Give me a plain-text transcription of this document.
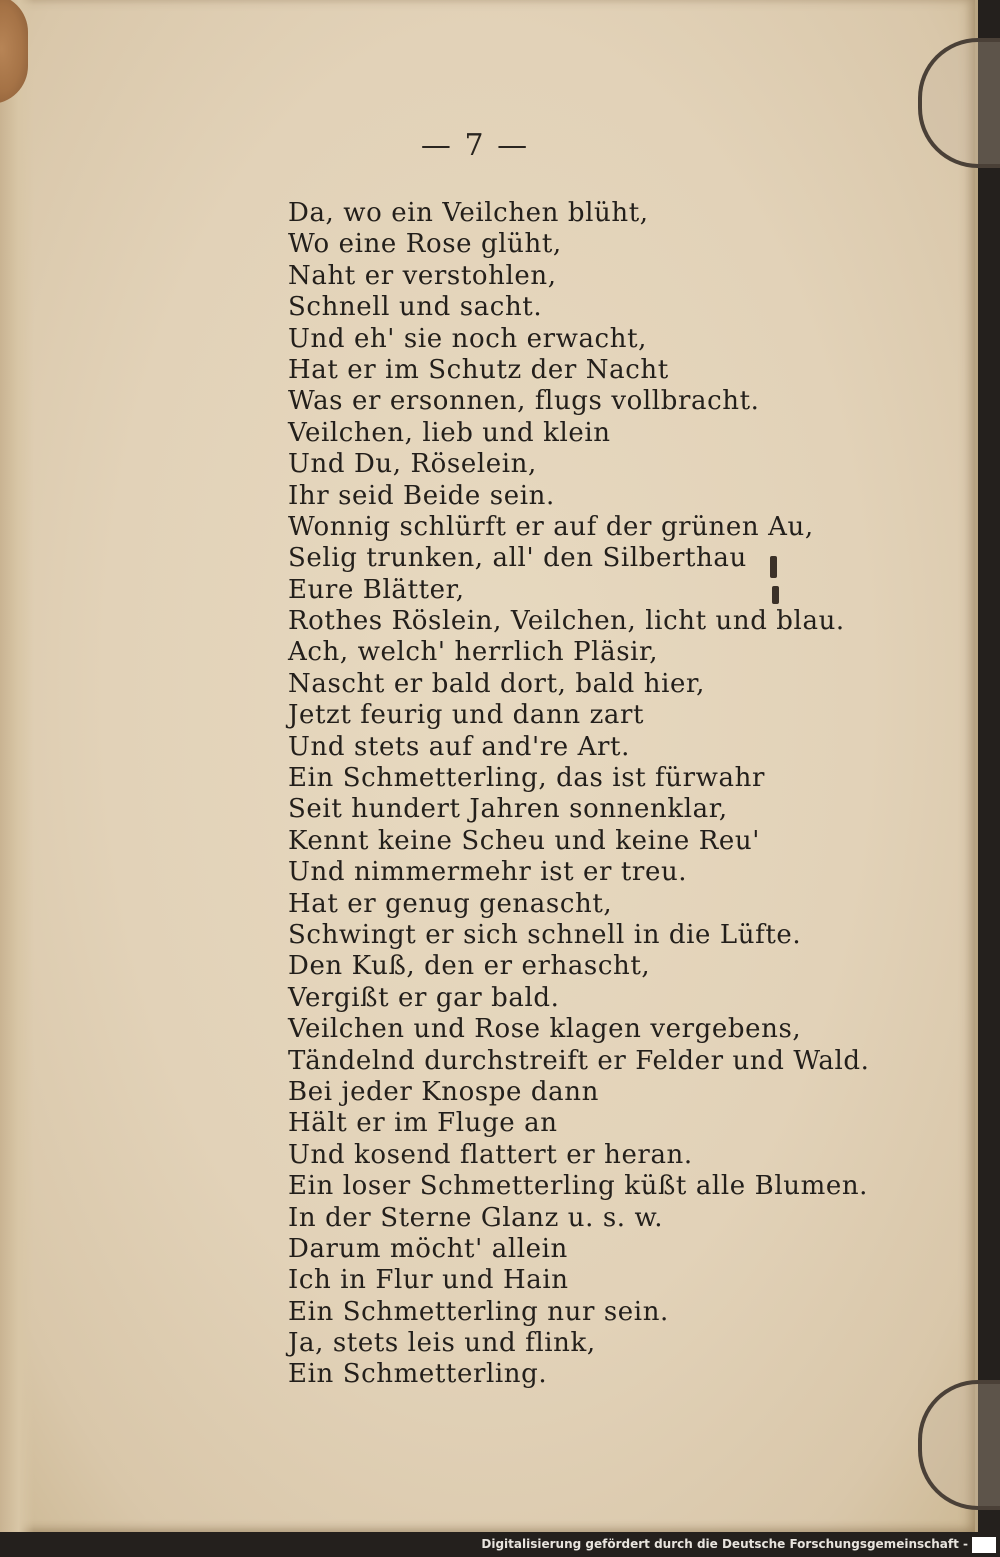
— 7 —
Da, wo ein Veilchen blüht,
Wo eine Rose glüht,
Naht er verstohlen,
Schnell und sacht.
Und eh' sie noch erwacht,
Hat er im Schutz der Nacht
Was er ersonnen, flugs vollbracht.
Veilchen, lieb und klein
Und Du, Röselein,
Ihr seid Beide sein.
Wonnig schlürft er auf der grünen Au,
Selig trunken, all' den Silberthau
Eure Blätter,
Rothes Röslein, Veilchen, licht und blau.
Ach, welch' herrlich Pläsir,
Nascht er bald dort, bald hier,
Jetzt feurig und dann zart
Und stets auf and're Art.
Ein Schmetterling, das ist fürwahr
Seit hundert Jahren sonnenklar,
Kennt keine Scheu und keine Reu'
Und nimmermehr ist er treu.
Hat er genug genascht,
Schwingt er sich schnell in die Lüfte.
Den Kuß, den er erhascht,
Vergißt er gar bald.
Veilchen und Rose klagen vergebens,
Tändelnd durchstreift er Felder und Wald.
Bei jeder Knospe dann
Hält er im Fluge an
Und kosend flattert er heran.
Ein loser Schmetterling küßt alle Blumen.
In der Sterne Glanz u. s. w.
Darum möcht' allein
Ich in Flur und Hain
Ein Schmetterling nur sein.
Ja, stets leis und flink,
Ein Schmetterling.
Digitalisierung gefördert durch die Deutsche Forschungsgemeinschaft -
